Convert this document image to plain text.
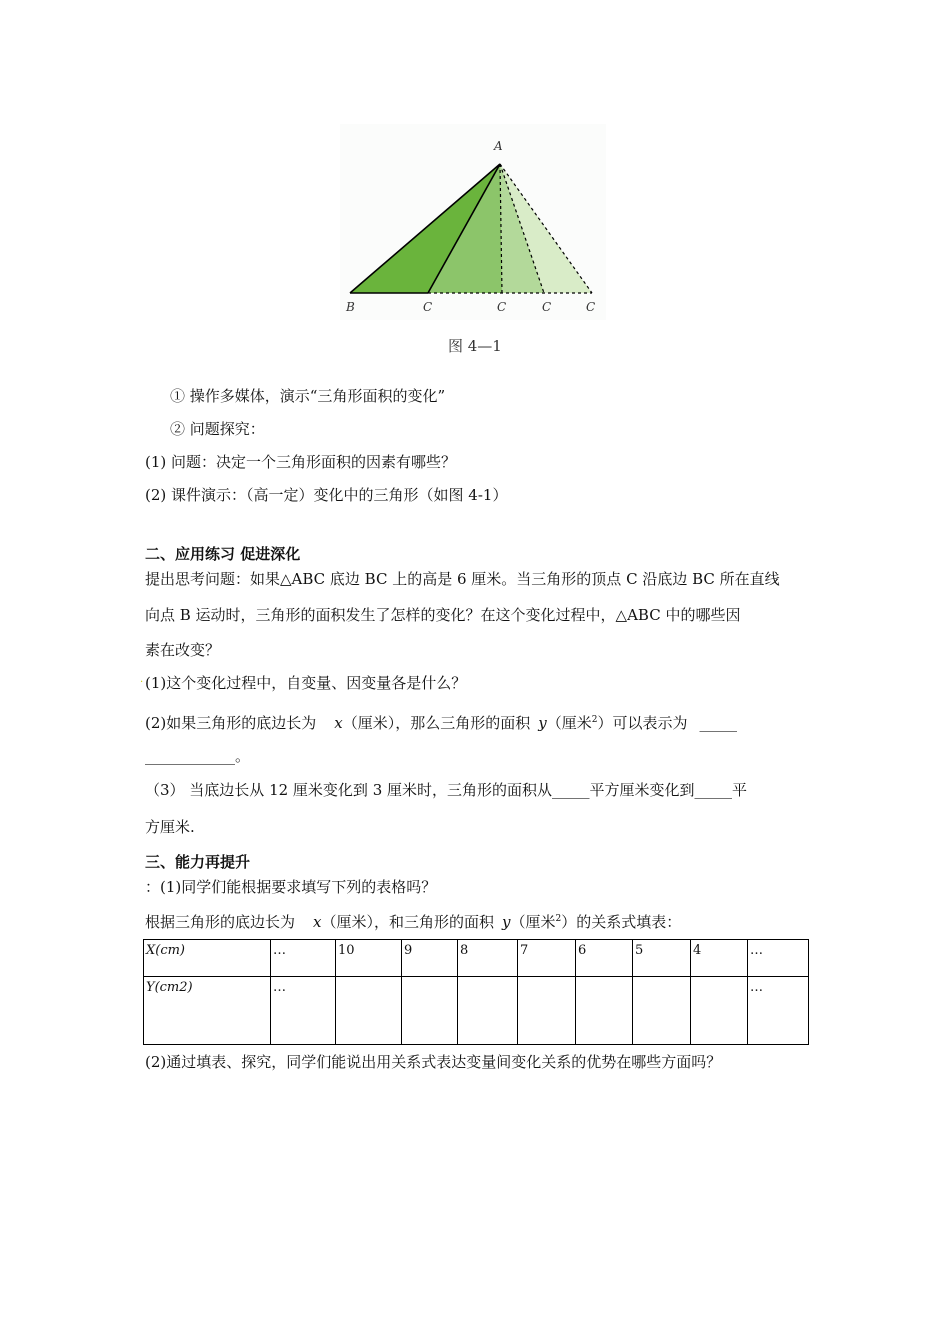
A
B	C	C	C	C
图 4—1
① 操作多媒体，演示“三角形面积的变化”
② 问题探究：
(1) 问题：决定一个三角形面积的因素有哪些？
(2) 课件演示：（高一定）变化中的三角形（如图 4-1）
二、应用练习 促进深化
提出思考问题：如果△ABC 底边 BC 上的高是 6 厘米。当三角形的顶点 C 沿底边 BC 所在直线
向点 B 运动时，三角形的面积发生了怎样的变化？在这个变化过程中，△ABC 中的哪些因
素在改变？
. (1)这个变化过程中，自变量、因变量各是什么？
(2)如果三角形的底边长为 x（厘米），那么三角形的面积 y（厘米$^2$）可以表示为 _____
____________。
（3） 当底边长从 12 厘米变化到 3 厘米时，三角形的面积从_____平方厘米变化到_____平
方厘米.
三、能力再提升
：(1)同学们能根据要求填写下列的表格吗？
根据三角形的底边长为 x（厘米），和三角形的面积 y（厘米$^2$）的关系式填表：
X(cm)	…	10	9	8	7	6	5	4	…
Y(cm2)	…								…
(2)通过填表、探究，同学们能说出用关系式表达变量间变化关系的优势在哪些方面吗？
